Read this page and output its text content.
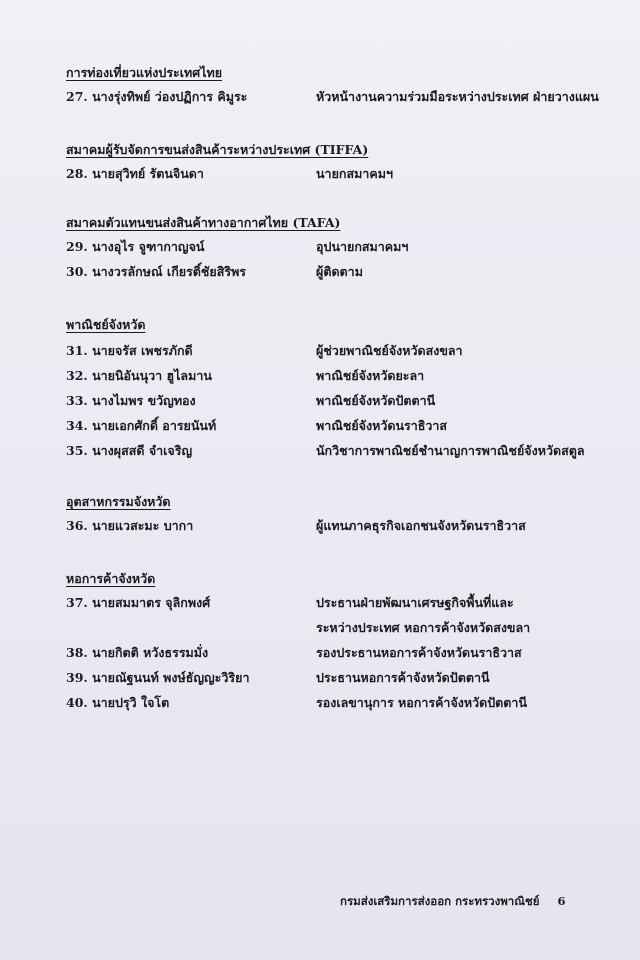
การท่องเที่ยวแห่งประเทศไทย
27. นางรุ่งทิพย์ ว่องปฏิการ คิมูระ	หัวหน้างานความร่วมมือระหว่างประเทศ ฝ่ายวางแผน
สมาคมผู้รับจัดการขนส่งสินค้าระหว่างประเทศ (TIFFA)
28. นายสุวิทย์ รัตนจินดา	นายกสมาคมฯ
สมาคมตัวแทนขนส่งสินค้าทางอากาศไทย (TAFA)
29. นางอุไร จูฑากาญจน์	อุปนายกสมาคมฯ
30. นางวรลักษณ์ เกียรติ์ชัยสิริพร	ผู้ติดตาม
พาณิชย์จังหวัด
31. นายจรัส เพชรภักดี	ผู้ช่วยพาณิชย์จังหวัดสงขลา
32. นายนิอันนุวา ฮูไลมาน	พาณิชย์จังหวัดยะลา
33. นางไมพร ขวัญทอง	พาณิชย์จังหวัดปัตตานี
34. นายเอกศักดิ์ อารยนันท์	พาณิชย์จังหวัดนราธิวาส
35. นางผุสสดี จำเจริญ	นักวิชาการพาณิชย์ชำนาญการพาณิชย์จังหวัดสตูล
อุตสาหกรรมจังหวัด
36. นายแวสะมะ บากา	ผู้แทนภาคธุรกิจเอกชนจังหวัดนราธิวาส
หอการค้าจังหวัด
37. นายสมมาตร จุลิกพงศ์	ประธานฝ่ายพัฒนาเศรษฐกิจพื้นที่และ
ระหว่างประเทศ หอการค้าจังหวัดสงขลา
38. นายกิตติ หวังธรรมมั่ง	รองประธานหอการค้าจังหวัดนราธิวาส
39. นายณัฐนนท์ พงษ์ธัญญะวิริยา	ประธานหอการค้าจังหวัดปัตตานี
40. นายปรุวิ ใจโต	รองเลขานุการ หอการค้าจังหวัดปัตตานี
กรมส่งเสริมการส่งออก กระทรวงพาณิชย์ 6
